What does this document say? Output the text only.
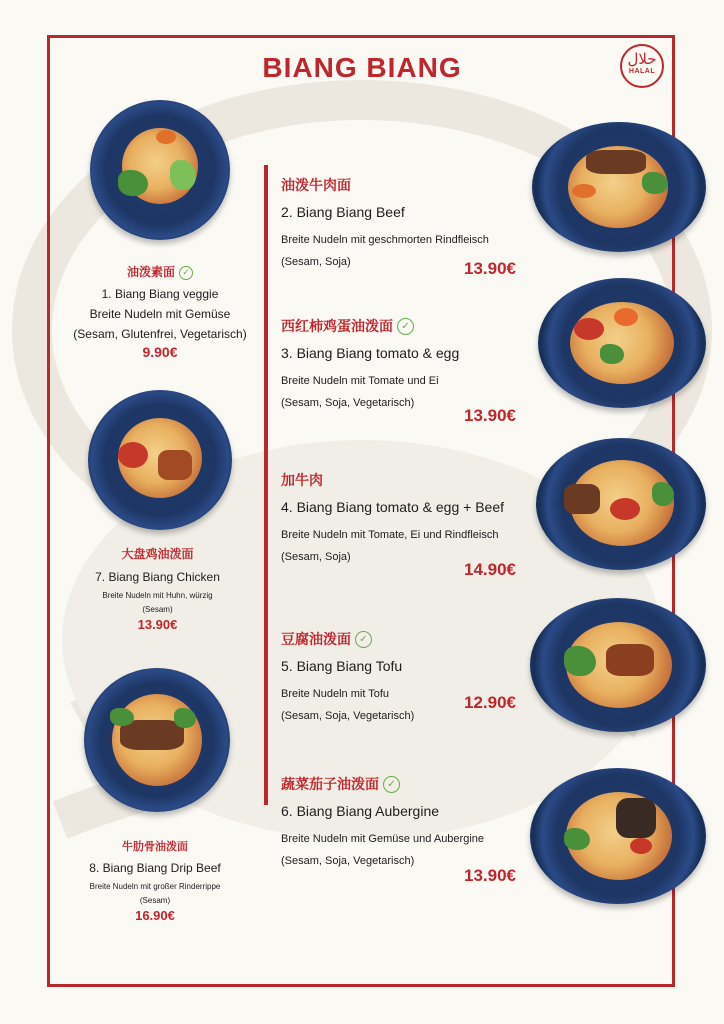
BIANG BIANG	حلال
HALAL
油泼素面 ✓
1. Biang Biang veggie
Breite Nudeln mit Gemüse
(Sesam, Glutenfrei, Vegetarisch)
9.90€
大盘鸡油泼面
7. Biang Biang Chicken
Breite Nudeln mit Huhn, würzig
(Sesam)
13.90€
牛肋骨油泼面
8. Biang Biang Drip Beef
Breite Nudeln mit großer Rinderrippe
(Sesam)
16.90€
油泼牛肉面
2. Biang Biang Beef
Breite Nudeln mit geschmorten Rindfleisch
(Sesam, Soja)	13.90€
西红柿鸡蛋油泼面 ✓
3. Biang Biang tomato & egg
Breite Nudeln mit Tomate und Ei
(Sesam, Soja, Vegetarisch)
13.90€
加牛肉
4. Biang Biang tomato & egg + Beef
Breite Nudeln mit Tomate, Ei und Rindfleisch
(Sesam, Soja)
14.90€
豆腐油泼面 ✓
5. Biang Biang Tofu
Breite Nudeln mit Tofu
(Sesam, Soja, Vegetarisch)
12.90€
蔬菜茄子油泼面 ✓
6. Biang Biang Aubergine
Breite Nudeln mit Gemüse und Aubergine
(Sesam, Soja, Vegetarisch)
13.90€
